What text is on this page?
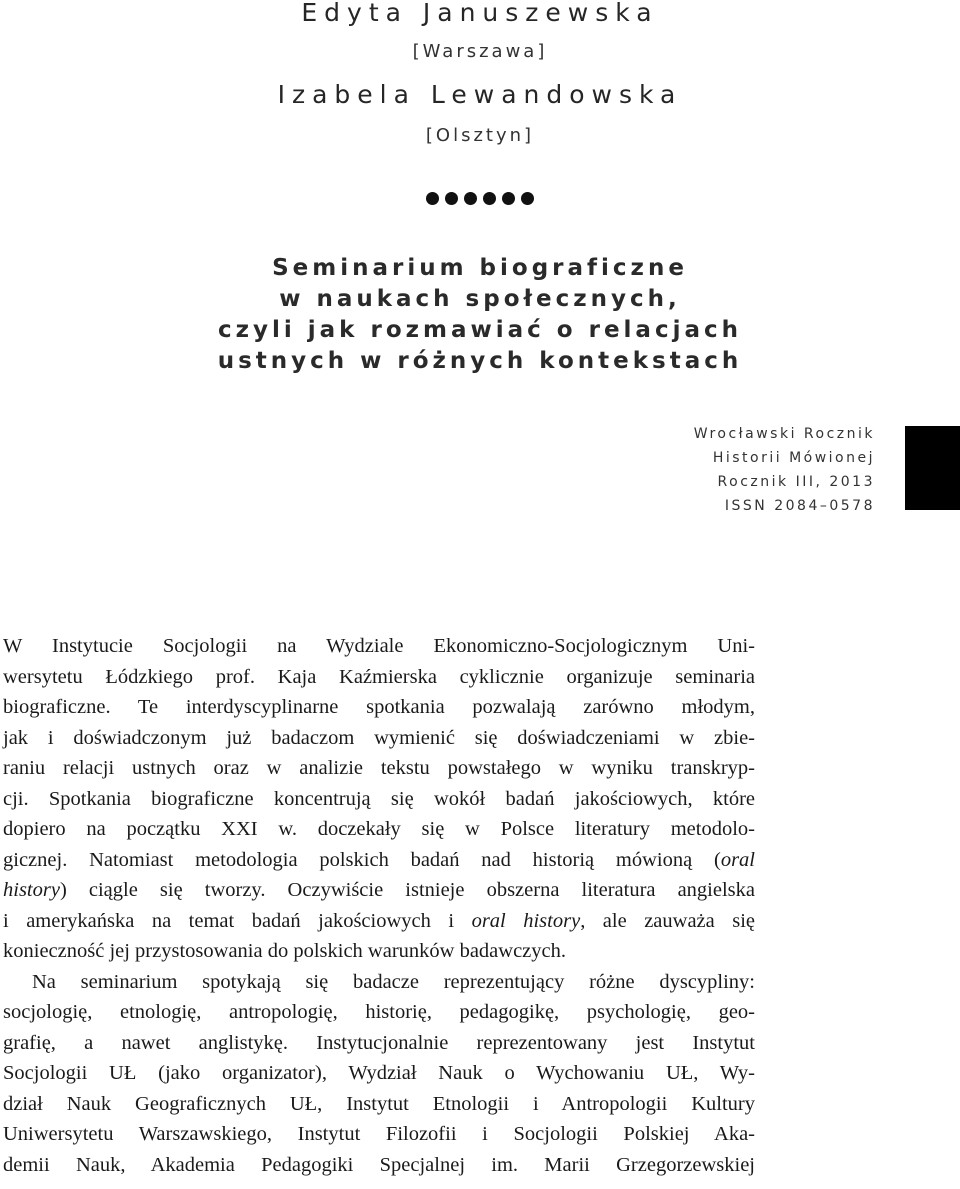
Edyta Januszewska
[Warszawa]
Izabela Lewandowska
[Olsztyn]
Seminarium biograficzne
w naukach społecznych,
czyli jak rozmawiać o relacjach
ustnych w różnych kontekstach
Wrocławski Rocznik
Historii Mówionej
Rocznik III, 2013
ISSN 2084–0578
W Instytucie Socjologii na Wydziale Ekonomiczno-Socjologicznym Uni-
wersytetu Łódzkiego prof. Kaja Kaźmierska cyklicznie organizuje seminaria
biograficzne. Te interdyscyplinarne spotkania pozwalają zarówno młodym,
jak i doświadczonym już badaczom wymienić się doświadczeniami w zbie-
raniu relacji ustnych oraz w analizie tekstu powstałego w wyniku transkryp-
cji. Spotkania biograficzne koncentrują się wokół badań jakościowych, które
dopiero na początku XXI w. doczekały się w Polsce literatury metodolo-
gicznej. Natomiast metodologia polskich badań nad historią mówioną (oral
history) ciągle się tworzy. Oczywiście istnieje obszerna literatura angielska
i amerykańska na temat badań jakościowych i oral history, ale zauważa się
konieczność jej przystosowania do polskich warunków badawczych.
Na seminarium spotykają się badacze reprezentujący różne dyscypliny:
socjologię, etnologię, antropologię, historię, pedagogikę, psychologię, geo-
grafię, a nawet anglistykę. Instytucjonalnie reprezentowany jest Instytut
Socjologii UŁ (jako organizator), Wydział Nauk o Wychowaniu UŁ, Wy-
dział Nauk Geograficznych UŁ, Instytut Etnologii i Antropologii Kultury
Uniwersytetu Warszawskiego, Instytut Filozofii i Socjologii Polskiej Aka-
demii Nauk, Akademia Pedagogiki Specjalnej im. Marii Grzegorzewskiej
